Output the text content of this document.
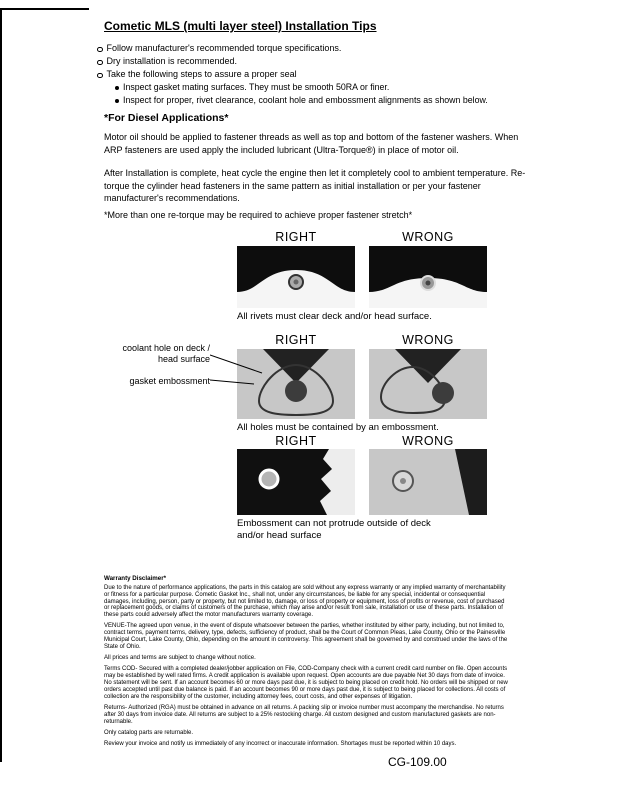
Cometic MLS (multi layer steel) Installation Tips
Follow manufacturer's recommended torque specifications.
Dry installation is recommended.
Take the following steps to assure a proper seal
Inspect gasket mating surfaces. They must be smooth 50RA or finer.
Inspect for proper, rivet clearance, coolant hole and embossment alignments as shown below.
*For Diesel Applications*
Motor oil should be applied to fastener threads as well as top and bottom of the fastener washers. When ARP fasteners are used apply the included lubricant (Ultra-Torque®) in place of motor oil.
After Installation is complete, heat cycle the engine then let it completely cool to ambient temperature. Re-torque the cylinder head fasteners in the same pattern as initial installation or per your fastener manufacturer's recommendations.
*More than one re-torque may be required to achieve proper fastener stretch*
RIGHT	WRONG
All rivets must clear deck and/or head surface.
RIGHT	WRONG
coolant hole on deck / head surface
gasket embossment
All holes must be contained by an embossment.
RIGHT	WRONG
Embossment can not protrude outside of deck
and/or head surface
Warranty Disclaimer*

Due to the nature of performance applications, the parts in this catalog are sold without any express warranty or any implied warranty of merchantability or fitness for a particular purpose. Cometic Gasket Inc., shall not, under any circumstances, be liable for any special, incidental or consequential damages, including, person, party or property, but not limited to, damage, or loss of property or equipment, loss of profits or revenue, cost of purchased or replacement goods, or claims of customers of the purchase, which may arise and/or result from sale, installation or use of these parts. Installation of these parts could adversely affect the motor manufacturers warranty coverage.

VENUE-The agreed upon venue, in the event of dispute whatsoever between the parties, whether instituted by either party, including, but not limited to, contract terms, payment terms, delivery, type, defects, sufficiency of product, shall be the Court of Common Pleas, Lake County, Ohio or the Painesville Municipal Court, Lake County, Ohio, depending on the amount in controversy. This agreement shall be governed by and construed under the laws of the State of Ohio.

All prices and terms are subject to change without notice.

Terms COD- Secured with a completed dealer/jobber application on File, COD-Company check with a current credit card number on file. Open accounts may be established by well rated firms. A credit application is available upon request. Open accounts are due payable Net 30 days from date of invoice. No statement will be sent. If an account becomes 60 or more days past due, it is subject to being placed on credit hold. No orders will be shipped or new orders accepted until past due balance is paid. If an account becomes 90 or more days past due, it is subject to being placed for collections. All costs of collection are the responsibility of the customer, including attorney fees, court costs, and other expenses of litigation.

Returns- Authorized (RGA) must be obtained in advance on all returns. A packing slip or invoice number must accompany the merchandise. No returns after 30 days from invoice date. All returns are subject to a 25% restocking charge. All custom designed and custom manufactured gaskets are non-returnable.

Only catalog parts are returnable.

Review your invoice and notify us immediately of any incorrect or inaccurate information. Shortages must be reported within 10 days.

CG-109.00
